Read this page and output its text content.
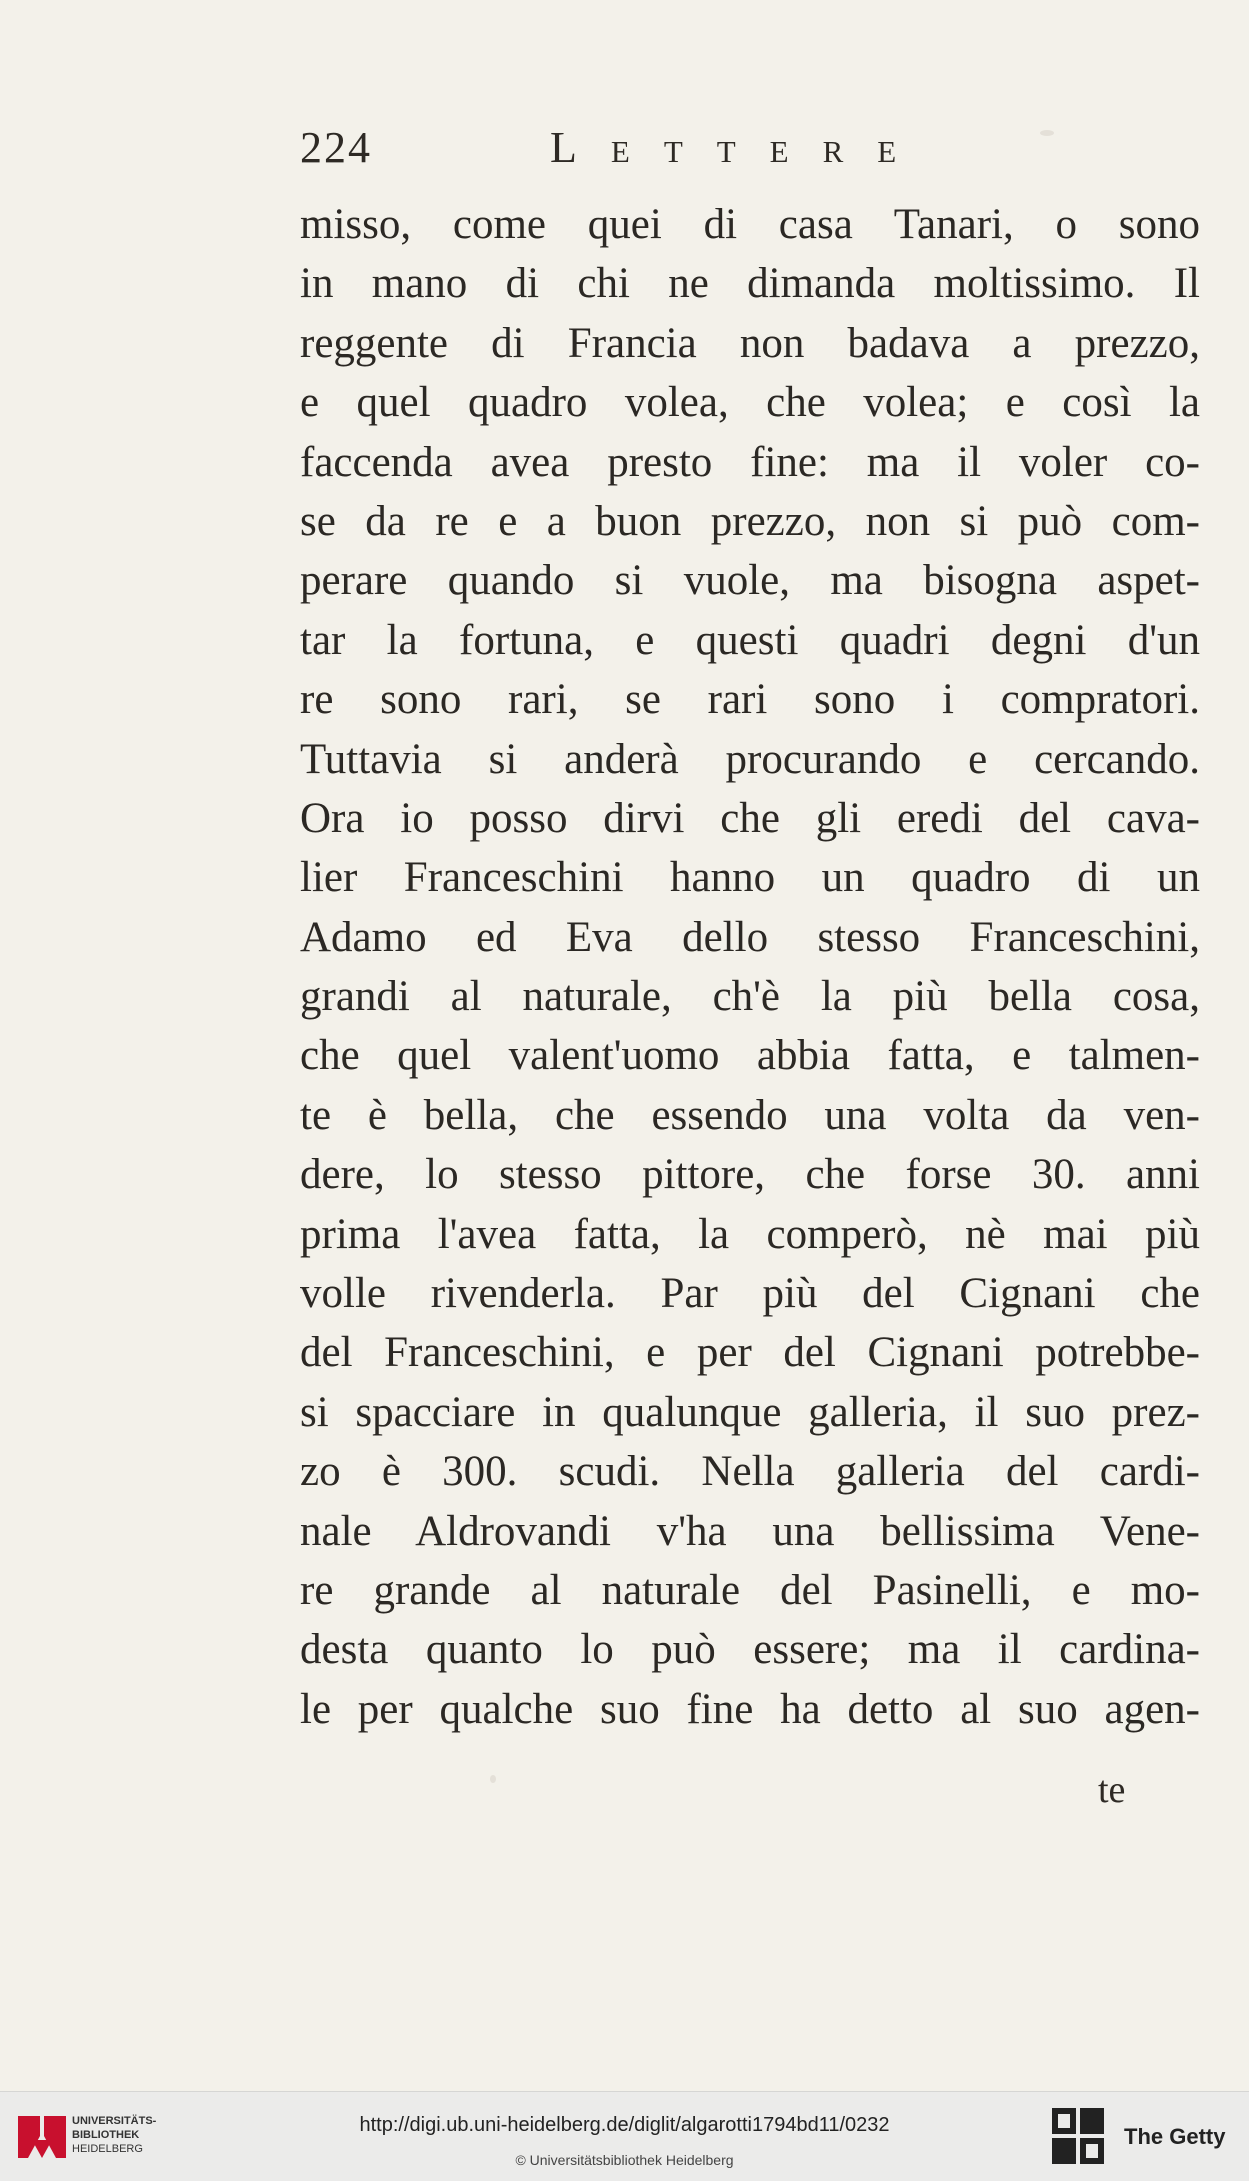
224	Lettere
misso, come quei di casa Tanari, o sono
in mano di chi ne dimanda moltissimo. Il
reggente di Francia non badava a prezzo,
e quel quadro volea, che volea; e così la
faccenda avea presto fine: ma il voler co-
se da re e a buon prezzo, non si può com-
perare quando si vuole, ma bisogna aspet-
tar la fortuna, e questi quadri degni d'un
re sono rari, se rari sono i compratori.
Tuttavia si anderà procurando e cercando.
Ora io posso dirvi che gli eredi del cava-
lier Franceschini hanno un quadro di un
Adamo ed Eva dello stesso Franceschini,
grandi al naturale, ch'è la più bella cosa,
che quel valent'uomo abbia fatta, e talmen-
te è bella, che essendo una volta da ven-
dere, lo stesso pittore, che forse 30. anni
prima l'avea fatta, la comperò, nè mai più
volle rivenderla. Par più del Cignani che
del Franceschini, e per del Cignani potrebbe-
si spacciare in qualunque galleria, il suo prez-
zo è 300. scudi. Nella galleria del cardi-
nale Aldrovandi v'ha una bellissima Vene-
re grande al naturale del Pasinelli, e mo-
desta quanto lo può essere; ma il cardina-
le per qualche suo fine ha detto al suo agen-
te
UNIVERSITÄTS-
BIBLIOTHEK
HEIDELBERG
http://digi.ub.uni-heidelberg.de/diglit/algarotti1794bd11/0232
© Universitätsbibliothek Heidelberg
The Getty
